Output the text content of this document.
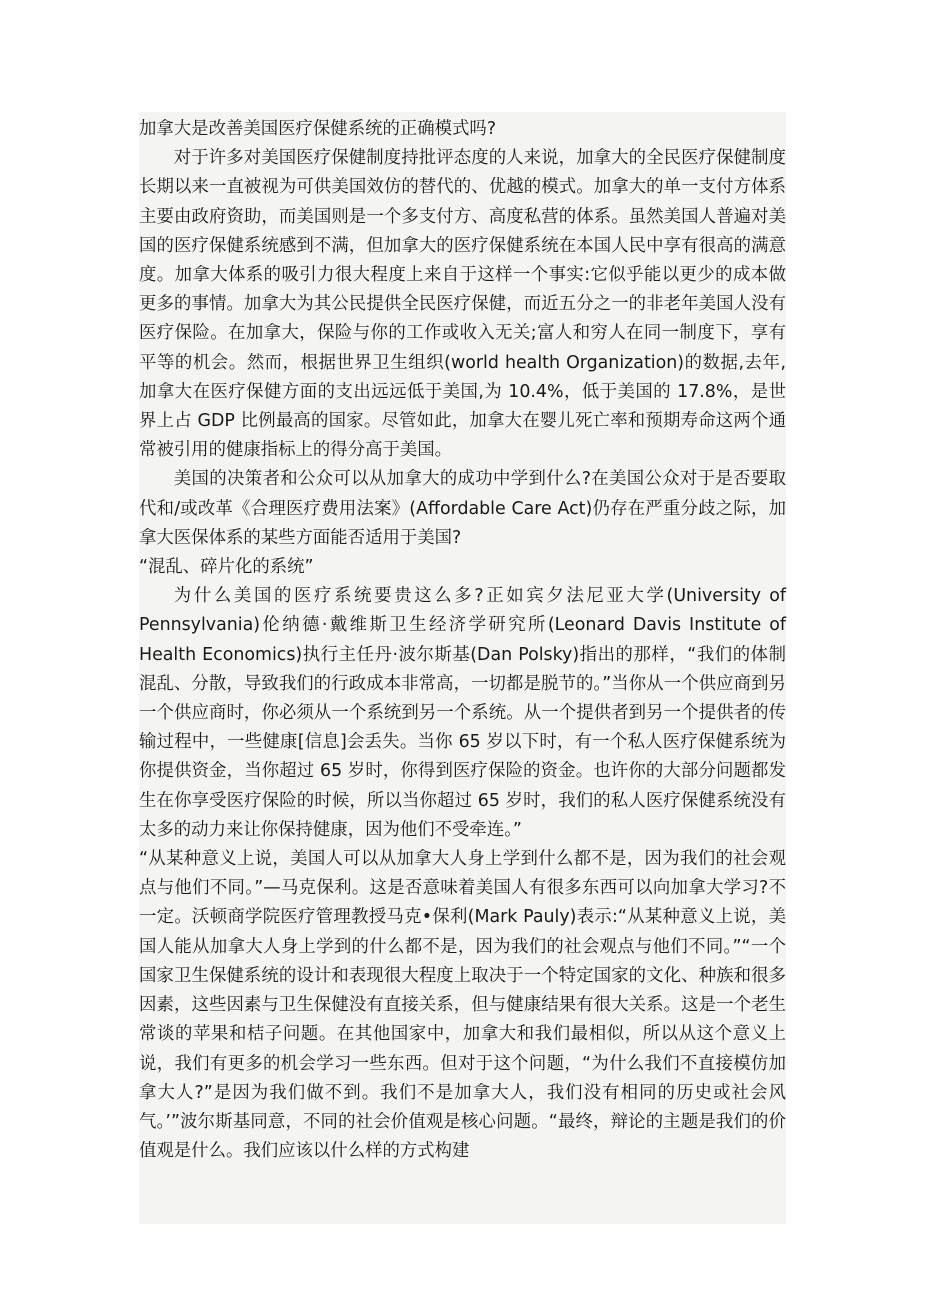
加拿大是改善美国医疗保健系统的正确模式吗?

对于许多对美国医疗保健制度持批评态度的人来说，加拿大的全民医疗保健制度长期以来一直被视为可供美国效仿的替代的、优越的模式。加拿大的单一支付方体系主要由政府资助，而美国则是一个多支付方、高度私营的体系。虽然美国人普遍对美国的医疗保健系统感到不满，但加拿大的医疗保健系统在本国人民中享有很高的满意度。加拿大体系的吸引力很大程度上来自于这样一个事实:它似乎能以更少的成本做更多的事情。加拿大为其公民提供全民医疗保健，而近五分之一的非老年美国人没有医疗保险。在加拿大，保险与你的工作或收入无关;富人和穷人在同一制度下，享有平等的机会。然而，根据世界卫生组织(world health Organization)的数据,去年,加拿大在医疗保健方面的支出远远低于美国,为 10.4%，低于美国的 17.8%，是世界上占 GDP 比例最高的国家。尽管如此，加拿大在婴儿死亡率和预期寿命这两个通常被引用的健康指标上的得分高于美国。

美国的决策者和公众可以从加拿大的成功中学到什么?在美国公众对于是否要取代和/或改革《合理医疗费用法案》(Affordable Care Act)仍存在严重分歧之际，加拿大医保体系的某些方面能否适用于美国?

“混乱、碎片化的系统”

为什么美国的医疗系统要贵这么多?正如宾夕法尼亚大学(University of Pennsylvania)伦纳德·戴维斯卫生经济学研究所(Leonard Davis Institute of Health Economics)执行主任丹·波尔斯基(Dan Polsky)指出的那样，“我们的体制混乱、分散，导致我们的行政成本非常高，一切都是脱节的。”当你从一个供应商到另一个供应商时，你必须从一个系统到另一个系统。从一个提供者到另一个提供者的传输过程中，一些健康[信息]会丢失。当你 65 岁以下时，有一个私人医疗保健系统为你提供资金，当你超过 65 岁时，你得到医疗保险的资金。也许你的大部分问题都发生在你享受医疗保险的时候，所以当你超过 65 岁时，我们的私人医疗保健系统没有太多的动力来让你保持健康，因为他们不受牵连。”

“从某种意义上说，美国人可以从加拿大人身上学到什么都不是，因为我们的社会观点与他们不同。”—马克保利。这是否意味着美国人有很多东西可以向加拿大学习?不一定。沃顿商学院医疗管理教授马克•保利(Mark Pauly)表示:“从某种意义上说，美国人能从加拿大人身上学到的什么都不是，因为我们的社会观点与他们不同。”“一个国家卫生保健系统的设计和表现很大程度上取决于一个特定国家的文化、种族和很多因素，这些因素与卫生保健没有直接关系，但与健康结果有很大关系。这是一个老生常谈的苹果和桔子问题。在其他国家中，加拿大和我们最相似，所以从这个意义上说，我们有更多的机会学习一些东西。但对于这个问题，“为什么我们不直接模仿加拿大人?”是因为我们做不到。我们不是加拿大人，我们没有相同的历史或社会风气。’”波尔斯基同意，不同的社会价值观是核心问题。“最终，辩论的主题是我们的价值观是什么。我们应该以什么样的方式构建
